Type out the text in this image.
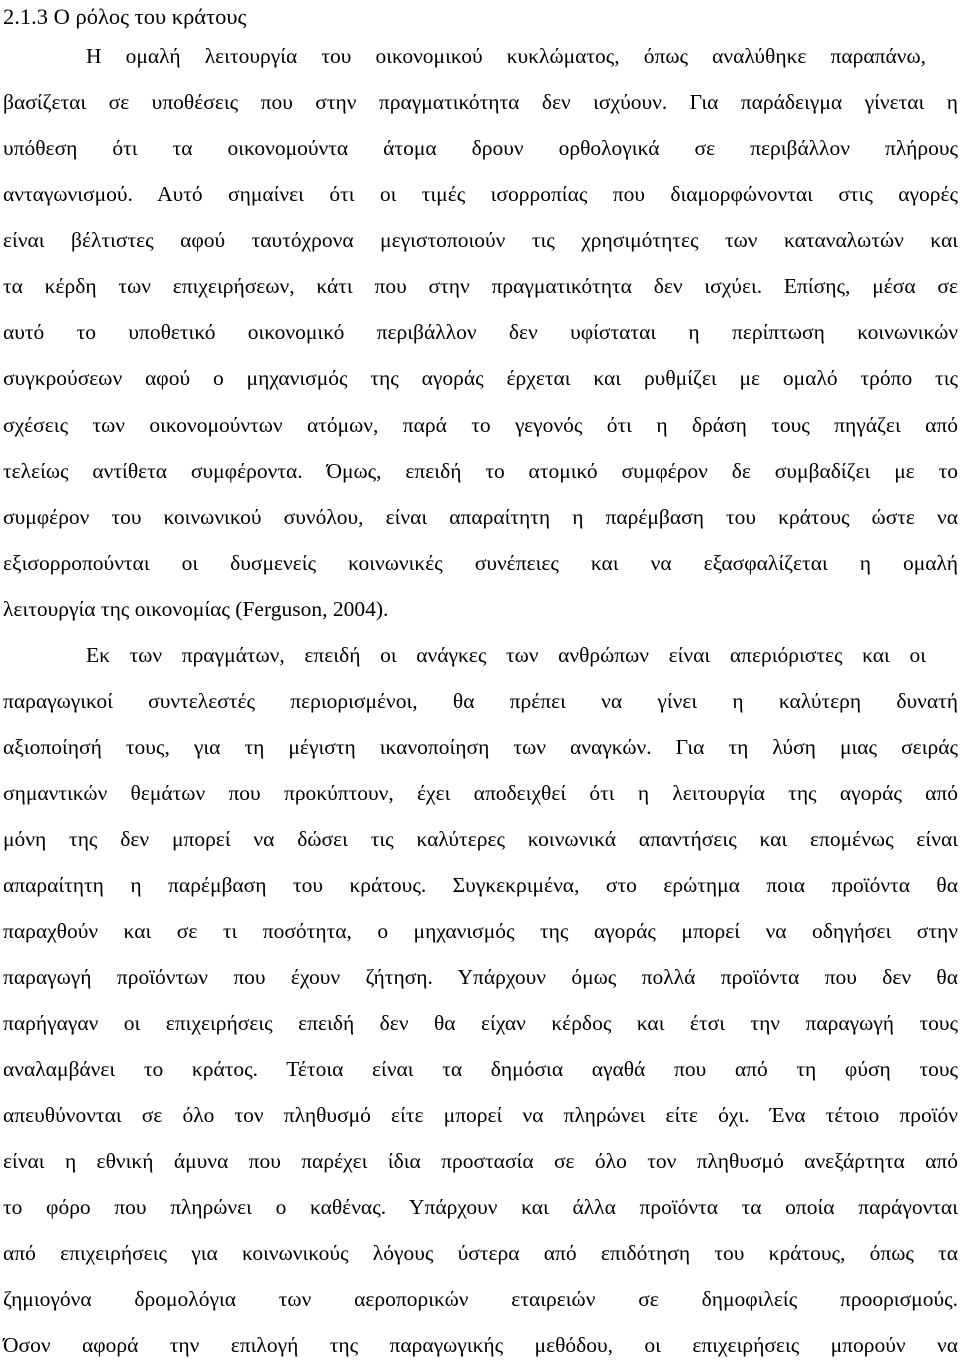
2.1.3 Ο ρόλος του κράτους
Η ομαλή λειτουργία του οικονομικού κυκλώματος, όπως αναλύθηκε παραπάνω,
βασίζεται σε υποθέσεις που στην πραγματικότητα δεν ισχύουν. Για παράδειγμα γίνεται η
υπόθεση ότι τα οικονομούντα άτομα δρουν ορθολογικά σε περιβάλλον πλήρους
ανταγωνισμού. Αυτό σημαίνει ότι οι τιμές ισορροπίας που διαμορφώνονται στις αγορές
είναι βέλτιστες αφού ταυτόχρονα μεγιστοποιούν τις χρησιμότητες των καταναλωτών και
τα κέρδη των επιχειρήσεων, κάτι που στην πραγματικότητα δεν ισχύει. Επίσης, μέσα σε
αυτό το υποθετικό οικονομικό περιβάλλον δεν υφίσταται η περίπτωση κοινωνικών
συγκρούσεων αφού ο μηχανισμός της αγοράς έρχεται και ρυθμίζει με ομαλό τρόπο τις
σχέσεις των οικονομούντων ατόμων, παρά το γεγονός ότι η δράση τους πηγάζει από
τελείως αντίθετα συμφέροντα. Όμως, επειδή το ατομικό συμφέρον δε συμβαδίζει με το
συμφέρον του κοινωνικού συνόλου, είναι απαραίτητη η παρέμβαση του κράτους ώστε να
εξισορροπούνται οι δυσμενείς κοινωνικές συνέπειες και να εξασφαλίζεται η ομαλή
λειτουργία της οικονομίας (Ferguson, 2004).
Εκ των πραγμάτων, επειδή οι ανάγκες των ανθρώπων είναι απεριόριστες και οι
παραγωγικοί συντελεστές περιορισμένοι, θα πρέπει να γίνει η καλύτερη δυνατή
αξιοποίησή τους, για τη μέγιστη ικανοποίηση των αναγκών. Για τη λύση μιας σειράς
σημαντικών θεμάτων που προκύπτουν, έχει αποδειχθεί ότι η λειτουργία της αγοράς από
μόνη της δεν μπορεί να δώσει τις καλύτερες κοινωνικά απαντήσεις και επομένως είναι
απαραίτητη η παρέμβαση του κράτους. Συγκεκριμένα, στο ερώτημα ποια προϊόντα θα
παραχθούν και σε τι ποσότητα, ο μηχανισμός της αγοράς μπορεί να οδηγήσει στην
παραγωγή προϊόντων που έχουν ζήτηση. Υπάρχουν όμως πολλά προϊόντα που δεν θα
παρήγαγαν οι επιχειρήσεις επειδή δεν θα είχαν κέρδος και έτσι την παραγωγή τους
αναλαμβάνει το κράτος. Τέτοια είναι τα δημόσια αγαθά που από τη φύση τους
απευθύνονται σε όλο τον πληθυσμό είτε μπορεί να πληρώνει είτε όχι. Ένα τέτοιο προϊόν
είναι η εθνική άμυνα που παρέχει ίδια προστασία σε όλο τον πληθυσμό ανεξάρτητα από
το φόρο που πληρώνει ο καθένας. Υπάρχουν και άλλα προϊόντα τα οποία παράγονται
από επιχειρήσεις για κοινωνικούς λόγους ύστερα από επιδότηση του κράτους, όπως τα
ζημιογόνα δρομολόγια των αεροπορικών εταιρειών σε δημοφιλείς προορισμούς.
Όσον αφορά την επιλογή της παραγωγικής μεθόδου, οι επιχειρήσεις μπορούν να
